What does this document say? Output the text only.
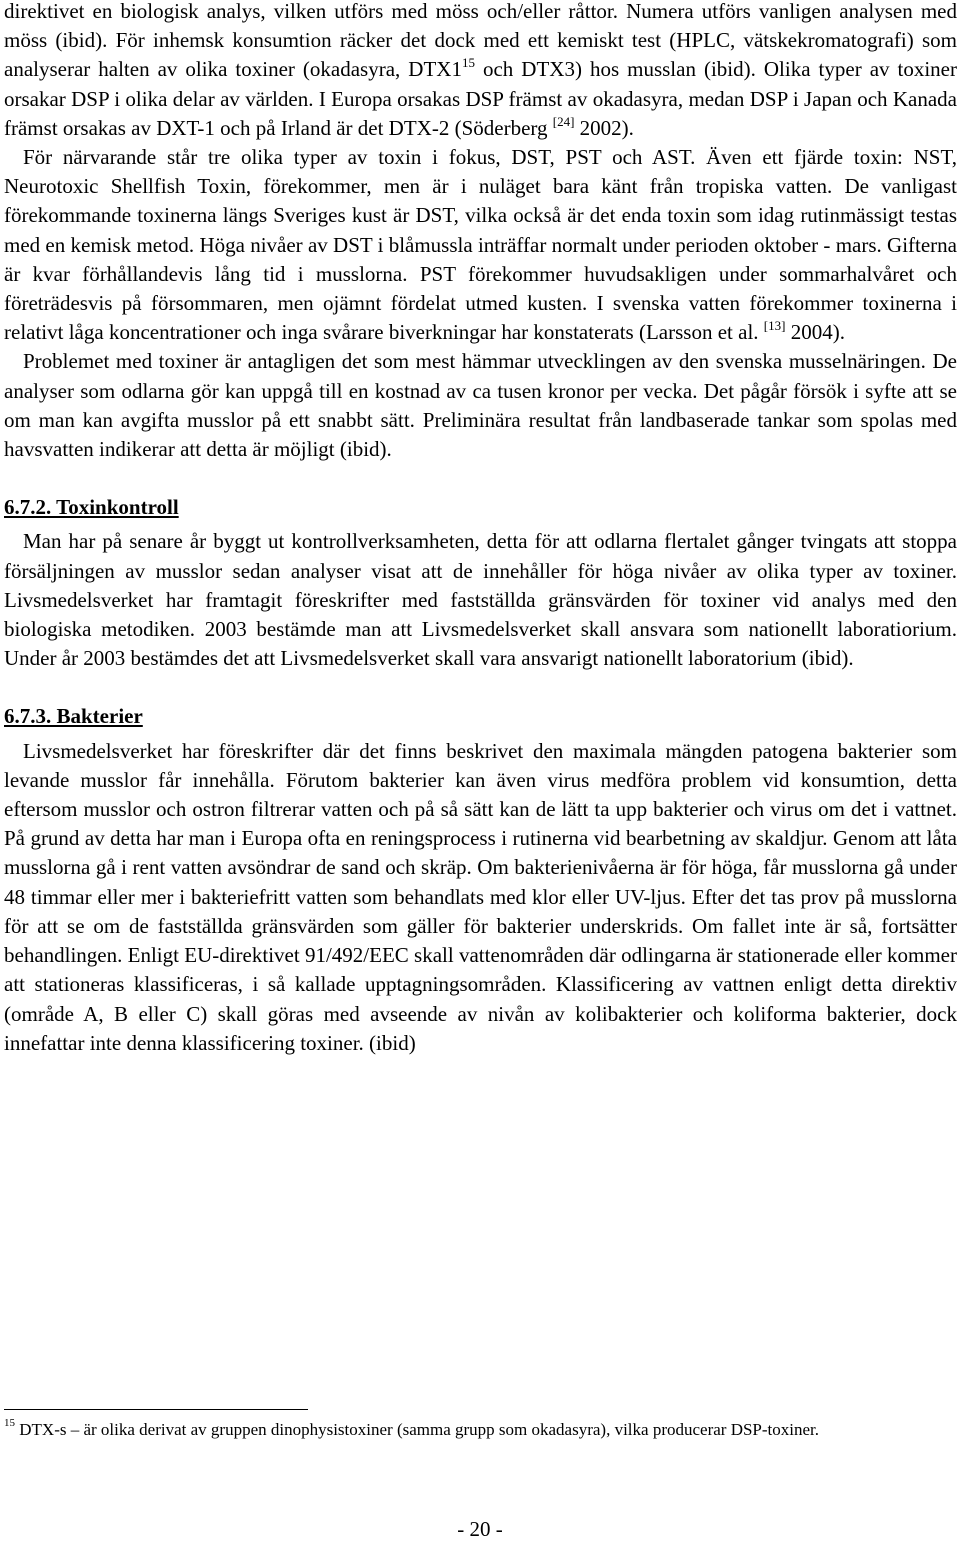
direktivet en biologisk analys, vilken utförs med möss och/eller råttor. Numera utförs vanligen analysen med möss (ibid). För inhemsk konsumtion räcker det dock med ett kemiskt test (HPLC, vätskekromatografi) som analyserar halten av olika toxiner (okadasyra, $DTX1^{15}$ och DTX3) hos musslan (ibid). Olika typer av toxiner orsakar DSP i olika delar av världen. I Europa orsakas DSP främst av okadasyra, medan DSP i Japan och Kanada främst orsakas av DXT-1 och på Irland är det DTX-2 (Söderberg [24] 2002).

För närvarande står tre olika typer av toxin i fokus, DST, PST och AST. Även ett fjärde toxin: NST, Neurotoxic Shellfish Toxin, förekommer, men är i nuläget bara känt från tropiska vatten. De vanligast förekommande toxinerna längs Sveriges kust är DST, vilka också är det enda toxin som idag rutinmässigt testas med en kemisk metod. Höga nivåer av DST i blåmussla inträffar normalt under perioden oktober - mars. Gifterna är kvar förhållandevis lång tid i musslorna. PST förekommer huvudsakligen under sommarhalvåret och företrädesvis på försommaren, men ojämnt fördelat utmed kusten. I svenska vatten förekommer toxinerna i relativt låga koncentrationer och inga svårare biverkningar har konstaterats (Larsson et al. [13] 2004).

Problemet med toxiner är antagligen det som mest hämmar utvecklingen av den svenska musselnäringen. De analyser som odlarna gör kan uppgå till en kostnad av ca tusen kronor per vecka. Det pågår försök i syfte att se om man kan avgifta musslor på ett snabbt sätt. Preliminära resultat från landbaserade tankar som spolas med havsvatten indikerar att detta är möjligt (ibid).

6.7.2. Toxinkontroll

Man har på senare år byggt ut kontrollverksamheten, detta för att odlarna flertalet gånger tvingats att stoppa försäljningen av musslor sedan analyser visat att de innehåller för höga nivåer av olika typer av toxiner. Livsmedelsverket har framtagit föreskrifter med fastställda gränsvärden för toxiner vid analys med den biologiska metodiken. 2003 bestämde man att Livsmedelsverket skall ansvara som nationellt laboratiorium. Under år 2003 bestämdes det att Livsmedelsverket skall vara ansvarigt nationellt laboratorium (ibid).

6.7.3. Bakterier

Livsmedelsverket har föreskrifter där det finns beskrivet den maximala mängden patogena bakterier som levande musslor får innehålla. Förutom bakterier kan även virus medföra problem vid konsumtion, detta eftersom musslor och ostron filtrerar vatten och på så sätt kan de lätt ta upp bakterier och virus om det i vattnet. På grund av detta har man i Europa ofta en reningsprocess i rutinerna vid bearbetning av skaldjur. Genom att låta musslorna gå i rent vatten avsöndrar de sand och skräp. Om bakterienivåerna är för höga, får musslorna gå under 48 timmar eller mer i bakteriefritt vatten som behandlats med klor eller UV-ljus. Efter det tas prov på musslorna för att se om de fastställda gränsvärden som gäller för bakterier underskrids. Om fallet inte är så, fortsätter behandlingen. Enligt EU-direktivet 91/492/EEC skall vattenområden där odlingarna är stationerade eller kommer att stationeras klassificeras, i så kallade upptagningsområden. Klassificering av vattnen enligt detta direktiv (område A, B eller C) skall göras med avseende av nivån av kolibakterier och koliforma bakterier, dock innefattar inte denna klassificering toxiner. (ibid)

$^{15}$ DTX-s – är olika derivat av gruppen dinophysistoxiner (samma grupp som okadasyra), vilka producerar DSP-toxiner.
- 20 -
